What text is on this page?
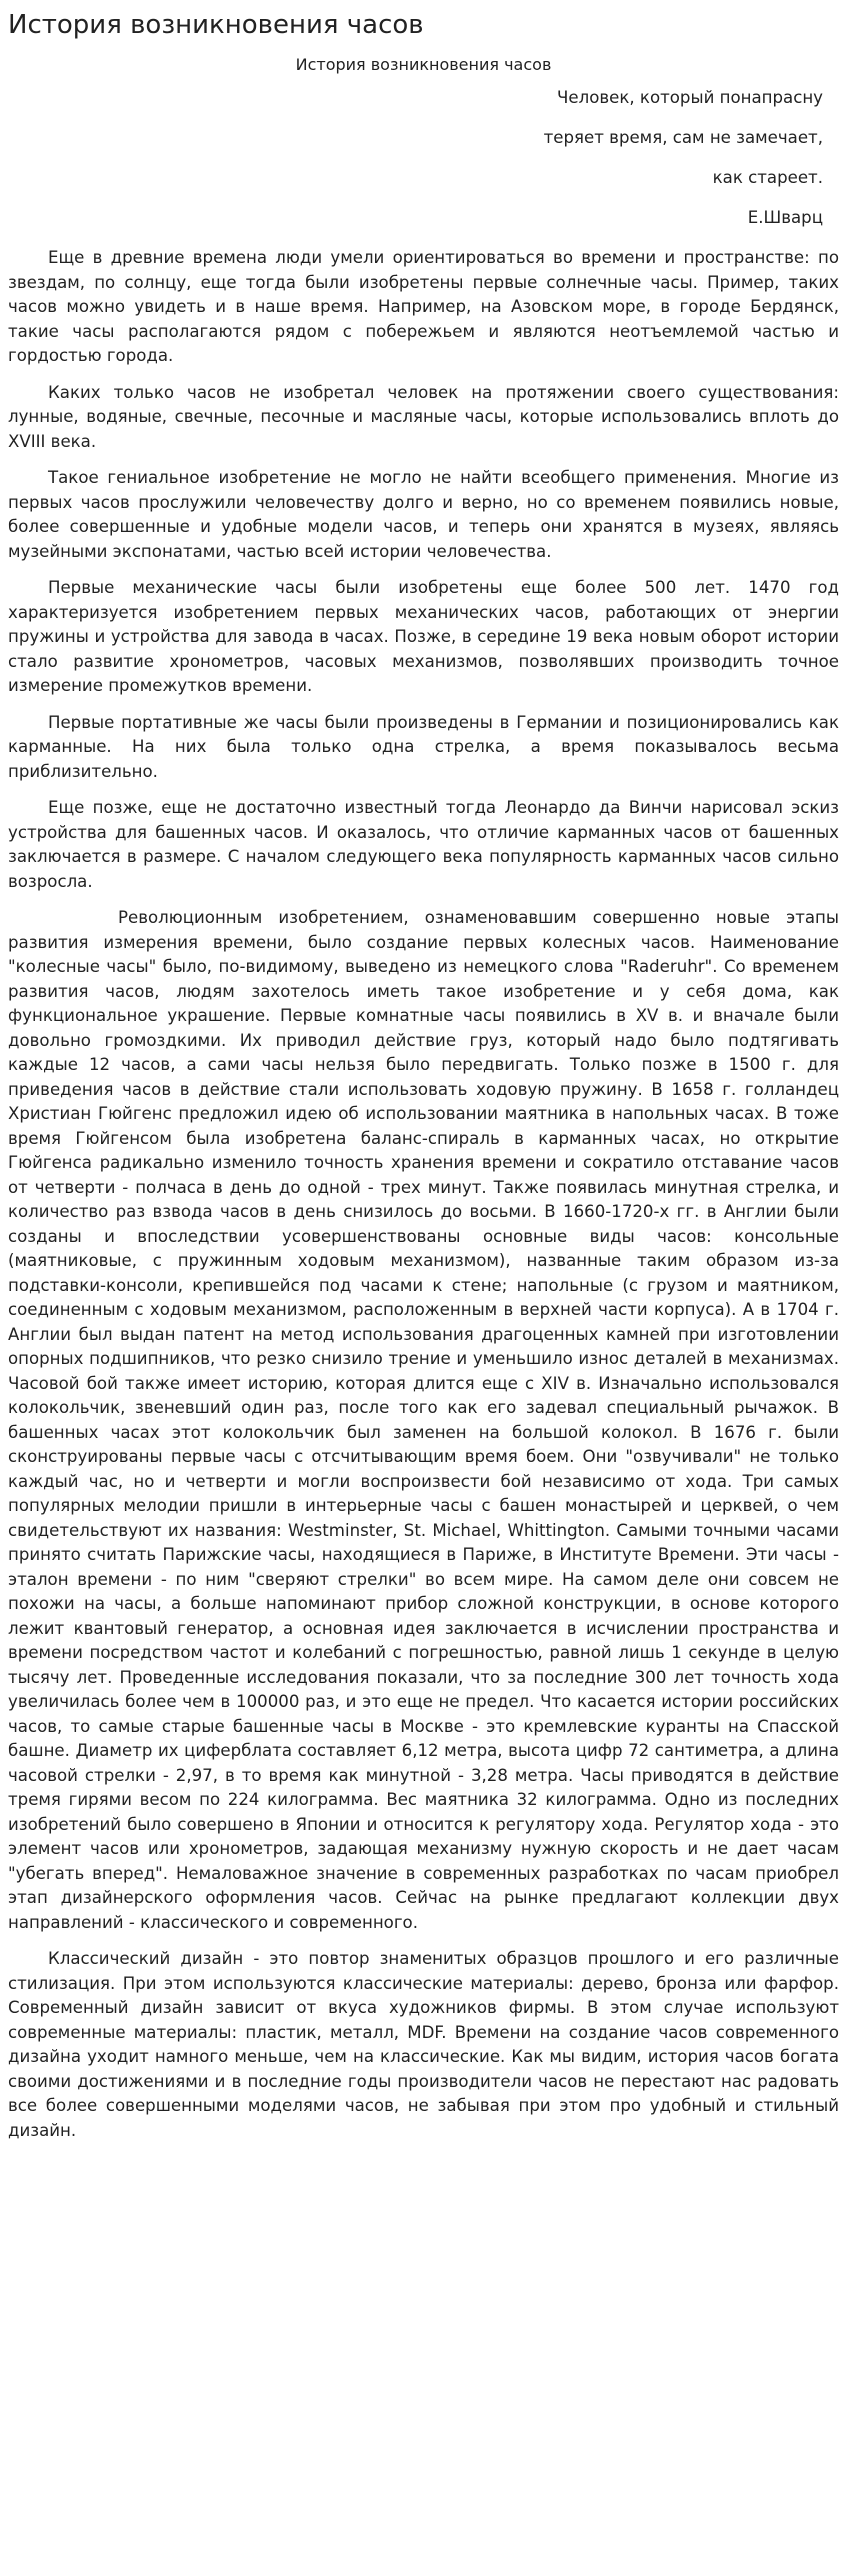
История возникновения часов
История возникновения часов
Человек, который понапрасну
теряет время, сам не замечает,
как стареет.
Е.Шварц

Еще в древние времена люди умели ориентироваться во времени и пространстве: по звездам, по солнцу, еще тогда были изобретены первые солнечные часы. Пример, таких часов можно увидеть и в наше время. Например, на Азовском море, в городе Бердянск, такие часы располагаются рядом с побережьем и являются неотъемлемой частью и гордостью города.

Каких только часов не изобретал человек на протяжении своего существования: лунные, водяные, свечные, песочные и масляные часы, которые использовались вплоть до XVIII века.

Такое гениальное изобретение не могло не найти всеобщего применения. Многие из первых часов прослужили человечеству долго и верно, но со временем появились новые, более совершенные и удобные модели часов, и теперь они хранятся в музеях, являясь музейными экспонатами, частью всей истории человечества.

Первые механические часы были изобретены еще более 500 лет. 1470 год характеризуется изобретением первых механических часов, работающих от энергии пружины и устройства для завода в часах. Позже, в середине 19 века новым оборот истории стало развитие хронометров, часовых механизмов, позволявших производить точное измерение промежутков времени.

Первые портативные же часы были произведены в Германии и позиционировались как карманные. На них была только одна стрелка, а время показывалось весьма приблизительно.

Еще позже, еще не достаточно известный тогда Леонардо да Винчи нарисовал эскиз устройства для башенных часов. И оказалось, что отличие карманных часов от башенных заключается в размере. С началом следующего века популярность карманных часов сильно возросла.

Революционным изобретением, ознаменовавшим совершенно новые этапы развития измерения времени, было создание первых колесных часов. Наименование "колесные часы" было, по-видимому, выведено из немецкого слова "Raderuhr". Со временем развития часов, людям захотелось иметь такое изобретение и у себя дома, как функциональное украшение. Первые комнатные часы появились в XV в. и вначале были довольно громоздкими. Их приводил действие груз, который надо было подтягивать каждые 12 часов, а сами часы нельзя было передвигать. Только позже в 1500 г. для приведения часов в действие стали использовать ходовую пружину. В 1658 г. голландец Христиан Гюйгенс предложил идею об использовании маятника в напольных часах. В тоже время Гюйгенсом была изобретена баланс-спираль в карманных часах, но открытие Гюйгенса радикально изменило точность хранения времени и сократило отставание часов от четверти - полчаса в день до одной - трех минут. Также появилась минутная стрелка, и количество раз взвода часов в день снизилось до восьми. В 1660-1720-х гг. в Англии были созданы и впоследствии усовершенствованы основные виды часов: консольные (маятниковые, с пружинным ходовым механизмом), названные таким образом из-за подставки-консоли, крепившейся под часами к стене; напольные (с грузом и маятником, соединенным с ходовым механизмом, расположенным в верхней части корпуса). А в 1704 г. Англии был выдан патент на метод использования драгоценных камней при изготовлении опорных подшипников, что резко снизило трение и уменьшило износ деталей в механизмах. Часовой бой также имеет историю, которая длится еще с XIV в. Изначально использовался колокольчик, звеневший один раз, после того как его задевал специальный рычажок. В башенных часах этот колокольчик был заменен на большой колокол. В 1676 г. были сконструированы первые часы с отсчитывающим время боем. Они "озвучивали" не только каждый час, но и четверти и могли воспроизвести бой независимо от хода. Три самых популярных мелодии пришли в интерьерные часы с башен монастырей и церквей, о чем свидетельствуют их названия: Westminster, St. Michael, Whittington. Самыми точными часами принято считать Парижские часы, находящиеся в Париже, в Институте Времени. Эти часы - эталон времени - по ним "сверяют стрелки" во всем мире. На самом деле они совсем не похожи на часы, а больше напоминают прибор сложной конструкции, в основе которого лежит квантовый генератор, а основная идея заключается в исчислении пространства и времени посредством частот и колебаний с погрешностью, равной лишь 1 секунде в целую тысячу лет. Проведенные исследования показали, что за последние 300 лет точность хода увеличилась более чем в 100000 раз, и это еще не предел. Что касается истории российских часов, то самые старые башенные часы в Москве - это кремлевские куранты на Спасской башне. Диаметр их циферблата составляет 6,12 метра, высота цифр 72 сантиметра, а длина часовой стрелки - 2,97, в то время как минутной - 3,28 метра. Часы приводятся в действие тремя гирями весом по 224 килограмма. Вес маятника 32 килограмма. Одно из последних изобретений было совершено в Японии и относится к регулятору хода. Регулятор хода - это элемент часов или хронометров, задающая механизму нужную скорость и не дает часам "убегать вперед". Немаловажное значение в современных разработках по часам приобрел этап дизайнерского оформления часов. Сейчас на рынке предлагают коллекции двух направлений - классического и современного.

Классический дизайн - это повтор знаменитых образцов прошлого и его различные стилизация. При этом используются классические материалы: дерево, бронза или фарфор. Современный дизайн зависит от вкуса художников фирмы. В этом случае используют современные материалы: пластик, металл, MDF. Времени на создание часов современного дизайна уходит намного меньше, чем на классические. Как мы видим, история часов богата своими достижениями и в последние годы производители часов не перестают нас радовать все более совершенными моделями часов, не забывая при этом про удобный и стильный дизайн.
